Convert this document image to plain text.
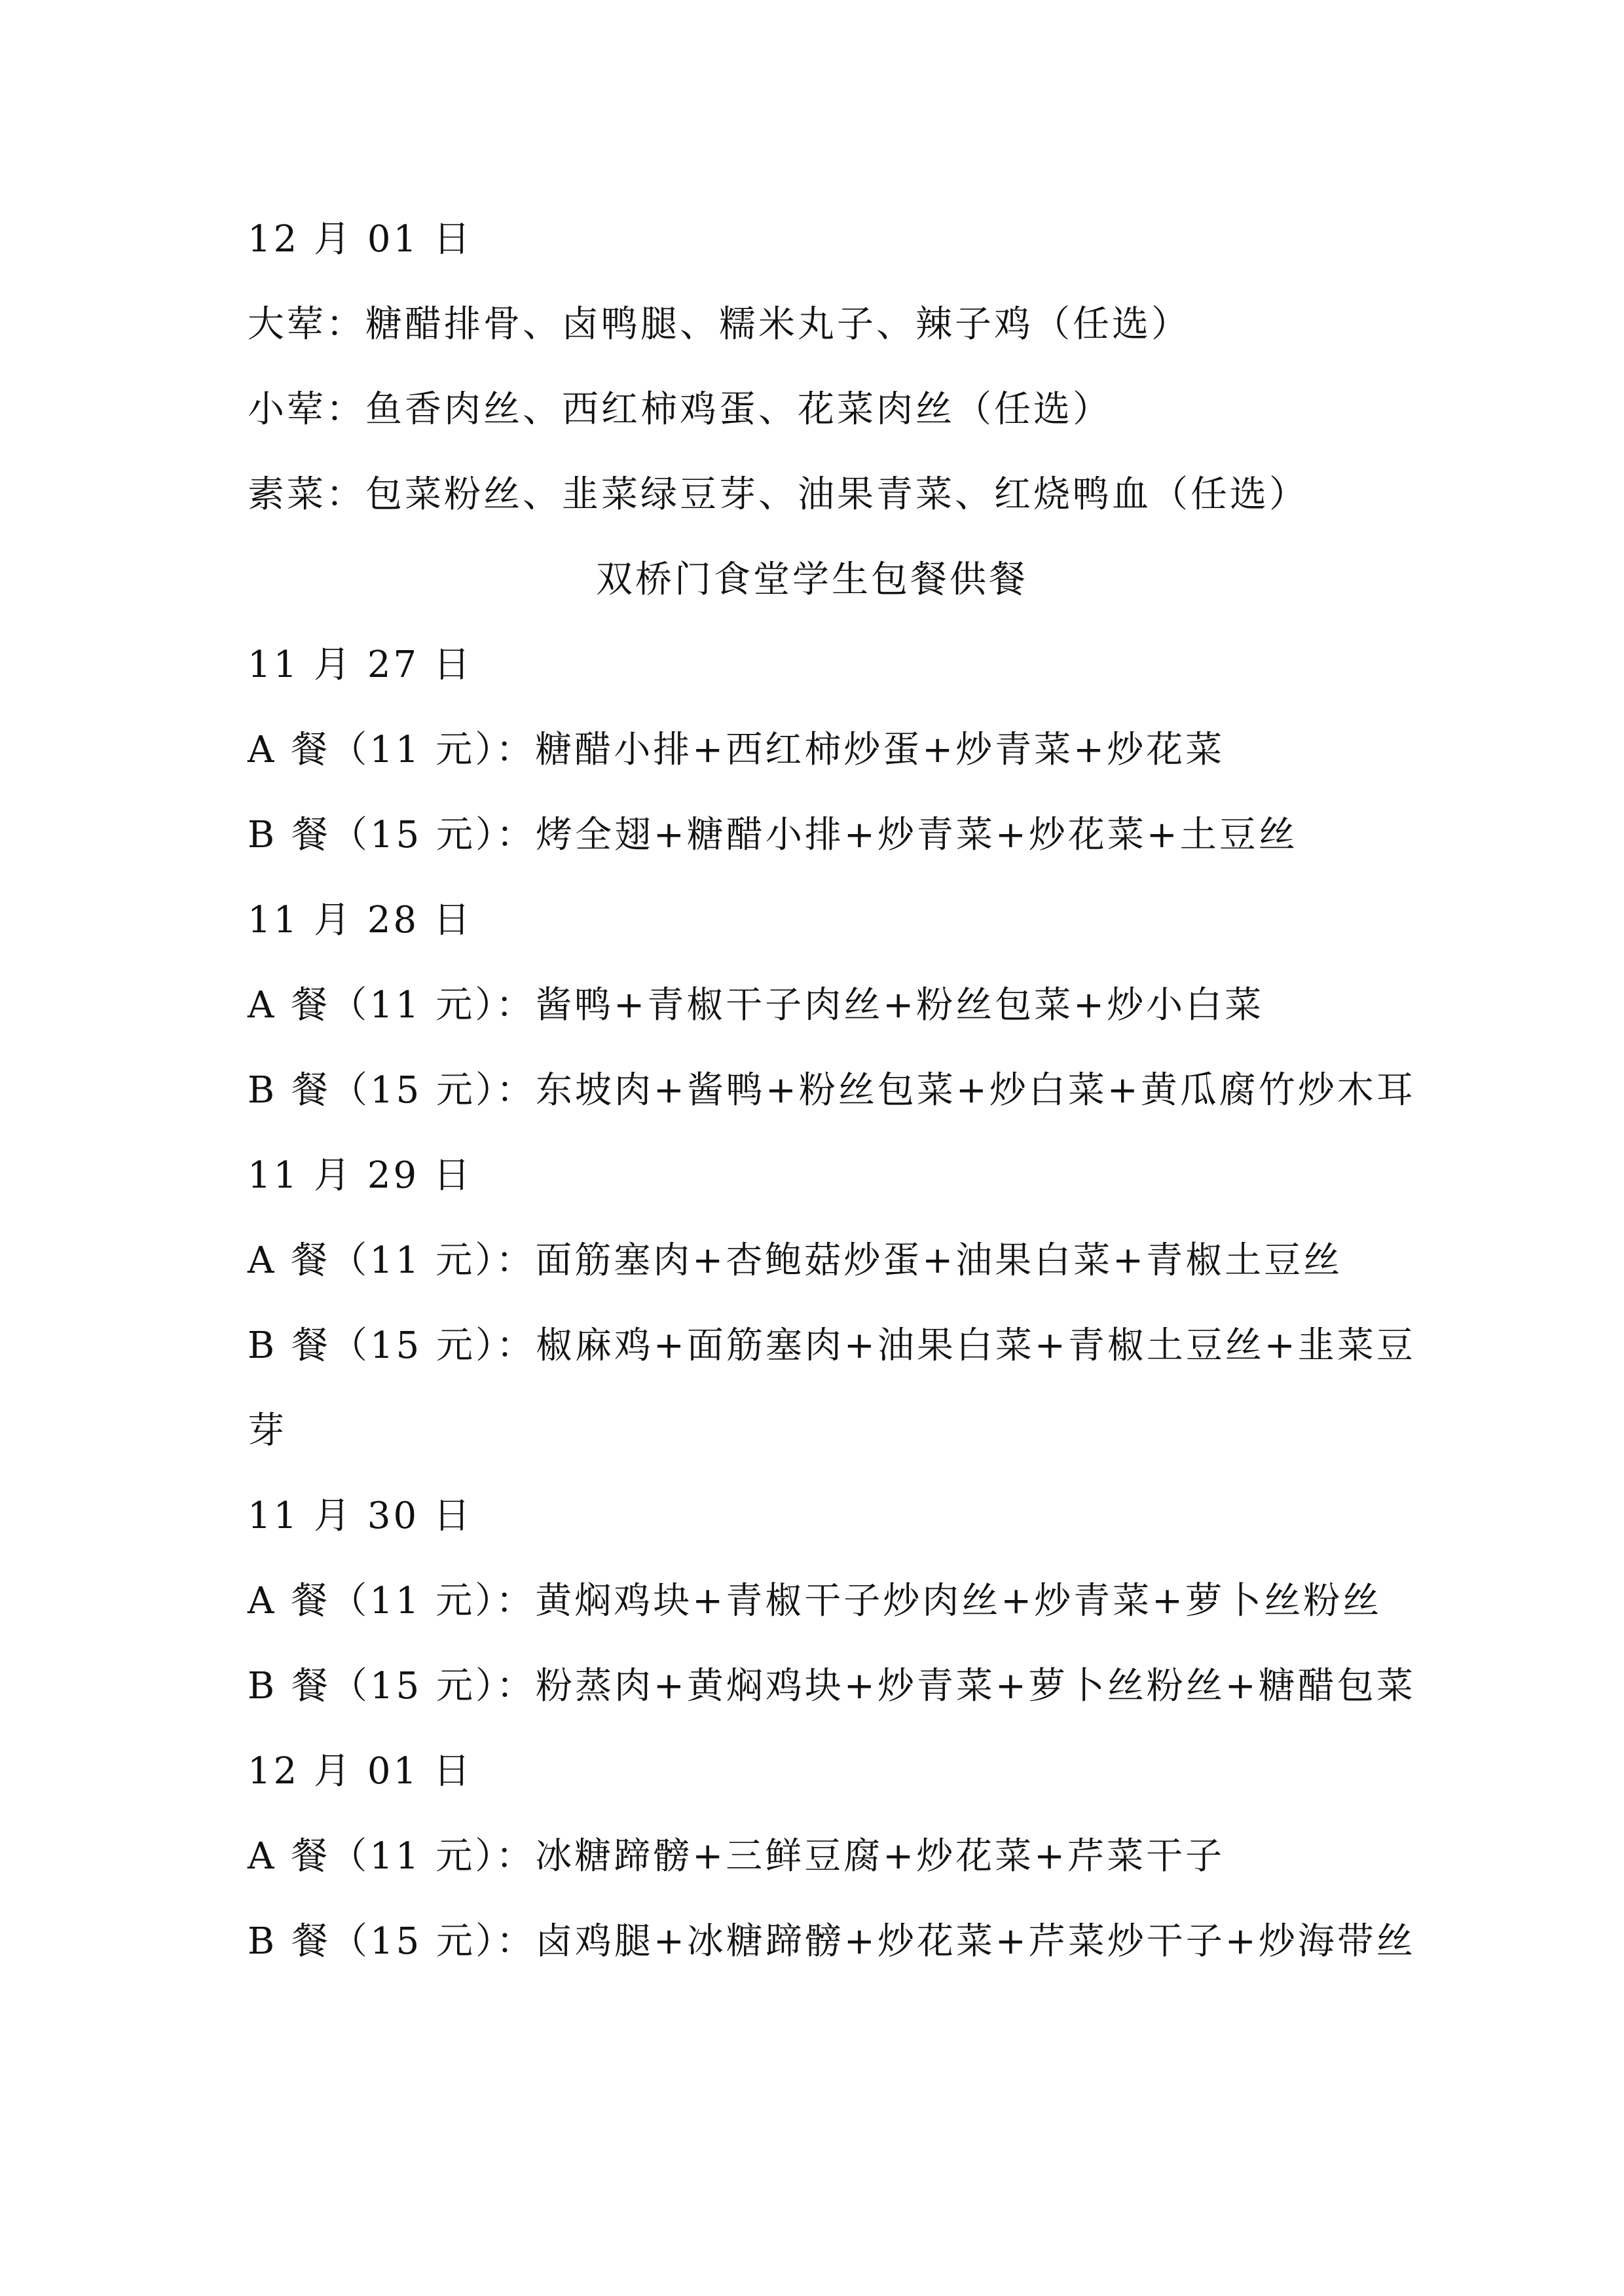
12 月 01 日
大荤：糖醋排骨、卤鸭腿、糯米丸子、辣子鸡（任选）
小荤：鱼香肉丝、西红柿鸡蛋、花菜肉丝（任选）
素菜：包菜粉丝、韭菜绿豆芽、油果青菜、红烧鸭血（任选）
双桥门食堂学生包餐供餐
11 月 27 日
A 餐（11 元）：糖醋小排+西红柿炒蛋+炒青菜+炒花菜
B 餐（15 元）：烤全翅+糖醋小排+炒青菜+炒花菜+土豆丝
11 月 28 日
A 餐（11 元）：酱鸭+青椒干子肉丝+粉丝包菜+炒小白菜
B 餐（15 元）：东坡肉+酱鸭+粉丝包菜+炒白菜+黄瓜腐竹炒木耳
11 月 29 日
A 餐（11 元）：面筋塞肉+杏鲍菇炒蛋+油果白菜+青椒土豆丝
B 餐（15 元）：椒麻鸡+面筋塞肉+油果白菜+青椒土豆丝+韭菜豆
芽
11 月 30 日
A 餐（11 元）：黄焖鸡块+青椒干子炒肉丝+炒青菜+萝卜丝粉丝
B 餐（15 元）：粉蒸肉+黄焖鸡块+炒青菜+萝卜丝粉丝+糖醋包菜
12 月 01 日
A 餐（11 元）：冰糖蹄髈+三鲜豆腐+炒花菜+芹菜干子
B 餐（15 元）：卤鸡腿+冰糖蹄髈+炒花菜+芹菜炒干子+炒海带丝
